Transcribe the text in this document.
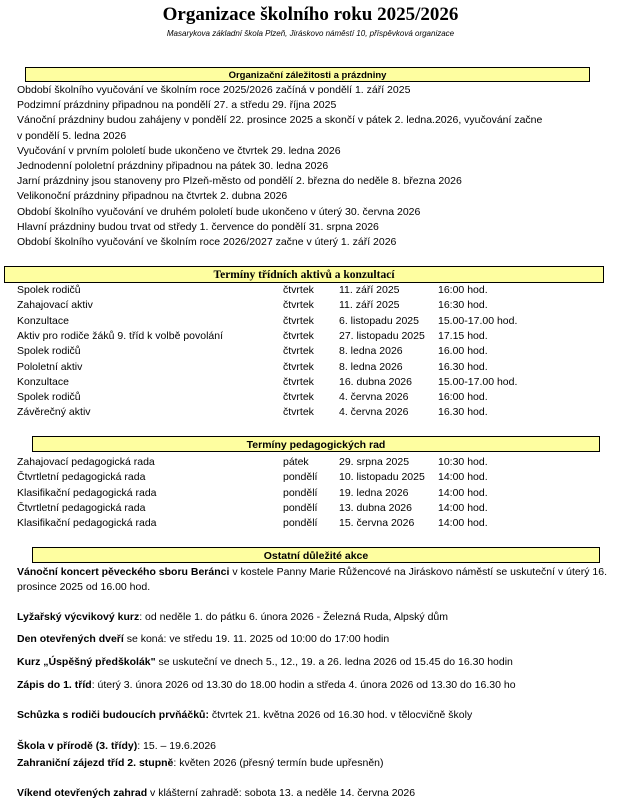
Organizace školního roku 2025/2026
Masarykova základní škola Plzeň, Jiráskovo náměstí 10, příspěvková organizace
Organizační záležitosti a prázdniny
Období školního vyučování ve školním roce 2025/2026 začíná v pondělí 1. září 2025
Podzimní prázdniny připadnou na pondělí 27. a středu 29. října 2025
Vánoční prázdniny budou zahájeny v pondělí 22. prosince 2025 a skončí v pátek 2. ledna.2026, vyučování začne
v pondělí 5. ledna 2026
Vyučování v prvním pololetí bude ukončeno ve čtvrtek 29. ledna 2026
Jednodenní pololetní prázdniny připadnou na pátek 30. ledna 2026
Jarní prázdniny jsou stanoveny pro Plzeň-město od pondělí 2. března do neděle 8. března 2026
Velikonoční prázdniny připadnou na čtvrtek 2. dubna 2026
Období školního vyučování ve druhém pololetí bude ukončeno v úterý 30. června 2026
Hlavní prázdniny budou trvat od středy 1. července do pondělí 31. srpna 2026
Období školního vyučování ve školním roce 2026/2027 začne v úterý 1. září 2026
Termíny třídních aktivů a konzultací
Spolek rodičů	čtvrtek 11. září 2025	16:00 hod.
Zahajovací aktiv	čtvrtek 11. září 2025	16:30 hod.
Konzultace	čtvrtek 6. listopadu 2025 15.00-17.00 hod.
Aktiv pro rodiče žáků 9. tříd k volbě povolání	čtvrtek 27. listopadu 2025 17.15 hod.
Spolek rodičů	čtvrtek 8. ledna 2026	16.00 hod.
Pololetní aktiv	čtvrtek 8. ledna 2026	16.30 hod.
Konzultace	čtvrtek 16. dubna 2026 15.00-17.00 hod.
Spolek rodičů	čtvrtek 4. června 2026	16:00 hod.
Závěrečný aktiv	čtvrtek 4. června 2026	16.30 hod.
Termíny pedagogických rad
Zahajovací pedagogická rada	pátek	29. srpna 2025	10:30 hod.
Čtvrtletní pedagogická rada	pondělí 10. listopadu 2025 14:00 hod.
Klasifikační pedagogická rada	pondělí 19. ledna 2026	14:00 hod.
Čtvrtletní pedagogická rada	pondělí 13. dubna 2026 14:00 hod.
Klasifikační pedagogická rada	pondělí 15. června 2026 14:00 hod.
Ostatní důležité akce
Vánoční koncert pěveckého sboru Beránci v kostele Panny Marie Růžencové na Jiráskovo náměstí se uskuteční v úterý 16. prosince 2025 od 16.00 hod.
Lyžařský výcvikový kurz: od neděle 1. do pátku 6. února 2026 - Železná Ruda, Alpský dům
Den otevřených dveří se koná: ve středu 19. 11. 2025 od 10:00 do 17:00 hodin
Kurz „Úspěšný předškolák" se uskuteční ve dnech 5., 12., 19. a 26. ledna 2026 od 15.45 do 16.30 hodin
Zápis do 1. tříd: úterý 3. února 2026 od 13.30 do 18.00 hodin a středa 4. února 2026 od 13.30 do 16.30 ho
Schůzka s rodiči budoucích prvňáčků: čtvrtek 21. května 2026 od 16.30 hod. v tělocvičně školy
Škola v přírodě (3. třídy): 15. – 19.6.2026
Zahraniční zájezd tříd 2. stupně: květen 2026 (přesný termín bude upřesněn)
Víkend otevřených zahrad v klášterní zahradě: sobota 13. a neděle 14. června 2026
